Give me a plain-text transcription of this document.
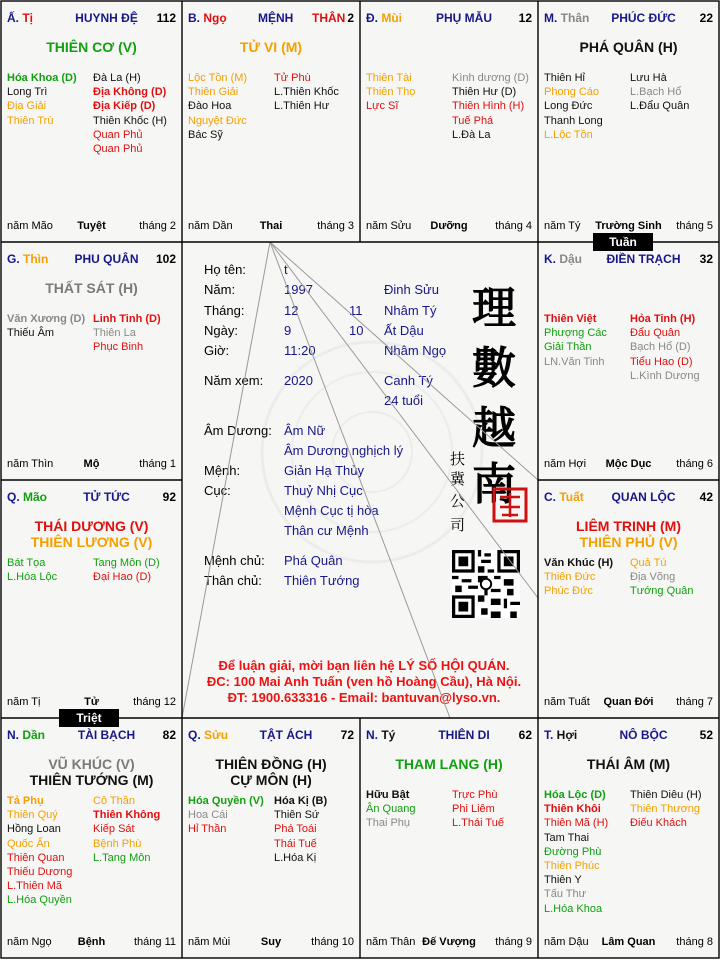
Ấ. Tị	HUYNH ĐỆ	112
THIÊN CƠ (V)
Hóa Khoa (D)
Long Trì
Địa Giải
Thiên Trù
Đà La (H)
Địa Không (D)
Địa Kiếp (D)
Thiên Khốc (H)
Quan Phủ
Quan Phủ
năm Mão	Tuyệt	tháng 2
B. Ngọ	MỆNH	THÂN 2
TỬ VI (M)
Lộc Tồn (M)
Thiên Giải
Đào Hoa
Nguyệt Đức
Bác Sỹ
Tử Phù
L.Thiên Khốc
L.Thiên Hư
năm Dần	Thai	tháng 3
Đ. Mùi	PHỤ MẪU	12
Thiên Tài
Thiên Thọ
Lực Sĩ
Kình dương (D)
Thiên Hư (D)
Thiên Hình (H)
Tuế Phá
L.Đà La
năm Sửu	Dưỡng	tháng 4
M. Thân	PHÚC ĐỨC	22
PHÁ QUÂN (H)
Thiên Hỉ
Phong Cáo
Long Đức
Thanh Long
L.Lộc Tồn
Lưu Hà
L.Bạch Hổ
L.Đẩu Quân
năm Tý	Trường Sinh	tháng 5
G. Thìn	PHU QUÂN	102
THẤT SÁT (H)
Văn Xương (D)
Thiếu Âm
Linh Tinh (D)
Thiên La
Phục Binh
năm Thìn	Mộ	tháng 1
K. Dậu	ĐIỀN TRẠCH	32
Thiên Việt
Phượng Các
Giải Thần
LN.Văn Tinh
Hỏa Tinh (H)
Đẩu Quân
Bạch Hổ (D)
Tiểu Hao (D)
L.Kình Dương
năm Hợi	Mộc Dục	tháng 6
Q. Mão	TỬ TỨC	92
THÁI DƯƠNG (V)
THIÊN LƯƠNG (V)
Bát Tọa
L.Hóa Lộc
Tang Môn (D)
Đại Hao (D)
năm Tị	Tử	tháng 12
C. Tuất	QUAN LỘC	42
LIÊM TRINH (M)
THIÊN PHỦ (V)
Văn Khúc (H)
Thiên Đức
Phúc Đức
Quả Tú
Địa Võng
Tướng Quân
năm Tuất	Quan Đới	tháng 7
N. Dần	TÀI BẠCH	82
VŨ KHÚC (V)
THIÊN TƯỚNG (M)
Tả Phụ
Thiên Quý
Hồng Loan
Quốc Ấn
Thiên Quan
Thiếu Dương
L.Thiên Mã
L.Hóa Quyền
Cô Thần
Thiên Không
Kiếp Sát
Bệnh Phù
L.Tang Môn
năm Ngọ	Bệnh	tháng 11
Q. Sửu	TẬT ÁCH	72
THIÊN ĐỒNG (H)
CỰ MÔN (H)
Hóa Quyền (V)
Hoa Cái
Hỉ Thần
Hóa Kị (B)
Thiên Sứ
Phá Toái
Thái Tuế
L.Hóa Kị
năm Mùi	Suy	tháng 10
N. Tý	THIÊN DI	62
THAM LANG (H)
Hữu Bật
Ân Quang
Thai Phụ
Trực Phù
Phi Liêm
L.Thái Tuế
năm Thân Đế Vượng	tháng 9
T. Hợi	NÔ BỘC	52
THÁI ÂM (M)
Hóa Lộc (D)
Thiên Khôi
Thiên Mã (H)
Tam Thai
Đường Phù
Thiên Phúc
Thiên Y
Tấu Thư
L.Hóa Khoa
Thiên Diêu (H)
Thiên Thương
Điếu Khách
năm Dậu	Lâm Quan	tháng 8
Họ tên:	t
Năm:	1997	Đinh Sửu
Tháng:	12	11 Nhâm Tý
Ngày:	9	10 Ất Dậu
Giờ:	11:20	Nhâm Ngọ
Năm xem: 2020	Canh Tý
24 tuổi
Âm Dương: Âm Nữ
Âm Dương nghịch lý
Mệnh:	Giản Hạ Thủy
Cục:	Thuỷ Nhị Cục
Mệnh Cục tị hòa
Thân cư Mệnh
Mệnh chủ: Phá Quân
Thân chủ: Thiên Tướng
理
數
越
南
扶
冀
公
司
Để luận giải, mời bạn liên hệ LÝ SỐ HỘI QUÁN.
ĐC: 100 Mai Anh Tuấn (ven hồ Hoàng Cầu), Hà Nội.
ĐT: 1900.633316 - Email: bantuvan@lyso.vn.
Tuần
Triệt
